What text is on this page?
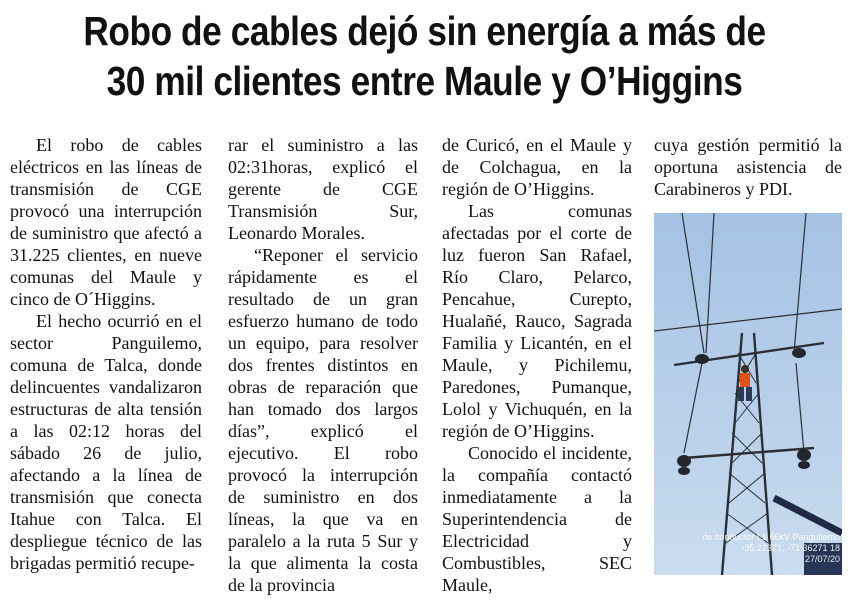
Robo de cables dejó sin energía a más de
30 mil clientes entre Maule y O’Higgins

El robo de cables eléctricos en las líneas de transmisión de CGE provocó una interrupción de suministro que afectó a 31.225 clientes, en nueve comunas del Maule y cinco de O´Higgins.

El hecho ocurrió en el sector Panguilemo, comuna de Talca, donde delincuentes vandalizaron estructuras de alta tensión a las 02:12 horas del sábado 26 de julio, afectando a la línea de transmisión que conecta Itahue con Talca. El despliegue técnico de las brigadas permitió recupe-

rar el suministro a las 02:31horas, explicó el gerente de CGE Transmisión Sur, Leonardo Morales.

“Reponer el servicio rápidamente es el resultado de un gran esfuerzo humano de todo un equipo, para resolver dos frentes distintos en obras de reparación que han tomado dos largos días”, explicó el ejecutivo. El robo provocó la interrupción de suministro en dos líneas, la que va en paralelo a la ruta 5 Sur y la que alimenta la costa de la provincia

de Curicó, en el Maule y de Colchagua, en la región de O’Higgins.

Las comunas afectadas por el corte de luz fueron San Rafael, Río Claro, Pelarco, Pencahue, Curepto, Hualañé, Rauco, Sagrada Familia y Licantén, en el Maule, y Pichilemu, Paredones, Pumanque, Lolol y Vichuquén, en la región de O’Higgins.

Conocido el incidente, la compañía contactó inmediatamente a la Superintendencia de Electricidad y Combustibles, SEC Maule,

cuya gestión permitió la oportuna asistencia de Carabineros y PDI.

de conductor L1 66kV Panguilemo
-35.22371, -71.36271 18
27/07/20
